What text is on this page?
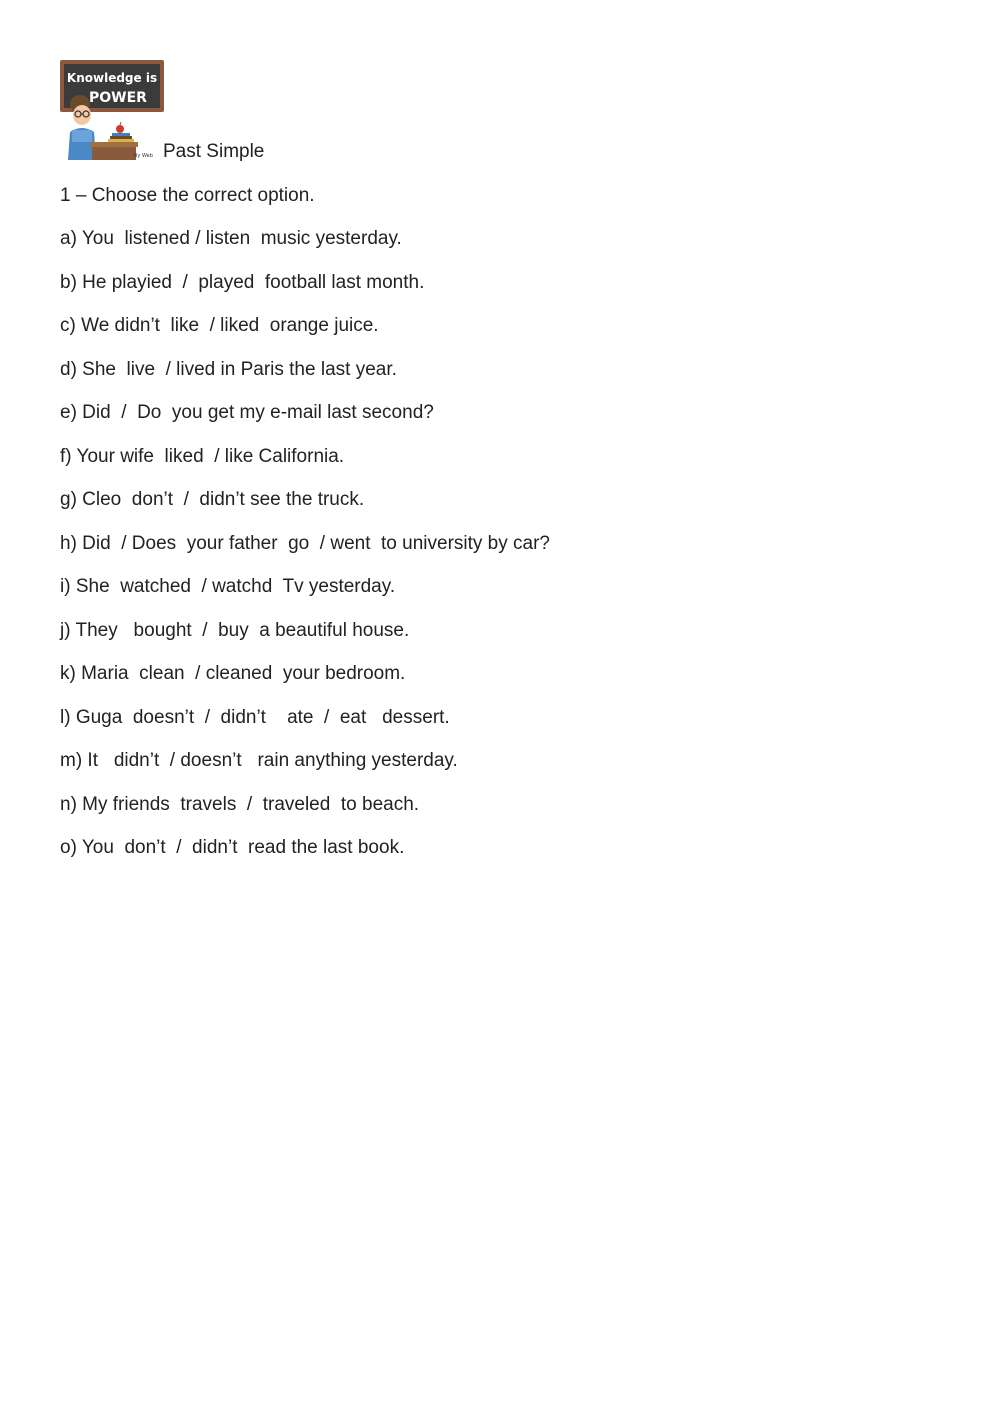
Knowledge is
POWER
By Web Past Simple
1 – Choose the correct option.
a) You  listened / listen  music yesterday.
b) He playied  /  played  football last month.
c) We didn’t  like  / liked  orange juice.
d) She  live  / lived in Paris the last year.
e) Did  /  Do  you get my e-mail last second?
f) Your wife  liked  / like California.
g) Cleo  don’t  /  didn’t see the truck.
h) Did  / Does  your father  go  / went  to university by car?
i) She  watched  / watchd  Tv yesterday.
j) They   bought  /  buy  a beautiful house.
k) Maria  clean  / cleaned  your bedroom.
l) Guga  doesn’t  /  didn’t    ate  /  eat   dessert.
m) It   didn’t  / doesn’t   rain anything yesterday.
n) My friends  travels  /  traveled  to beach.
o) You  don’t  /  didn’t  read the last book.
